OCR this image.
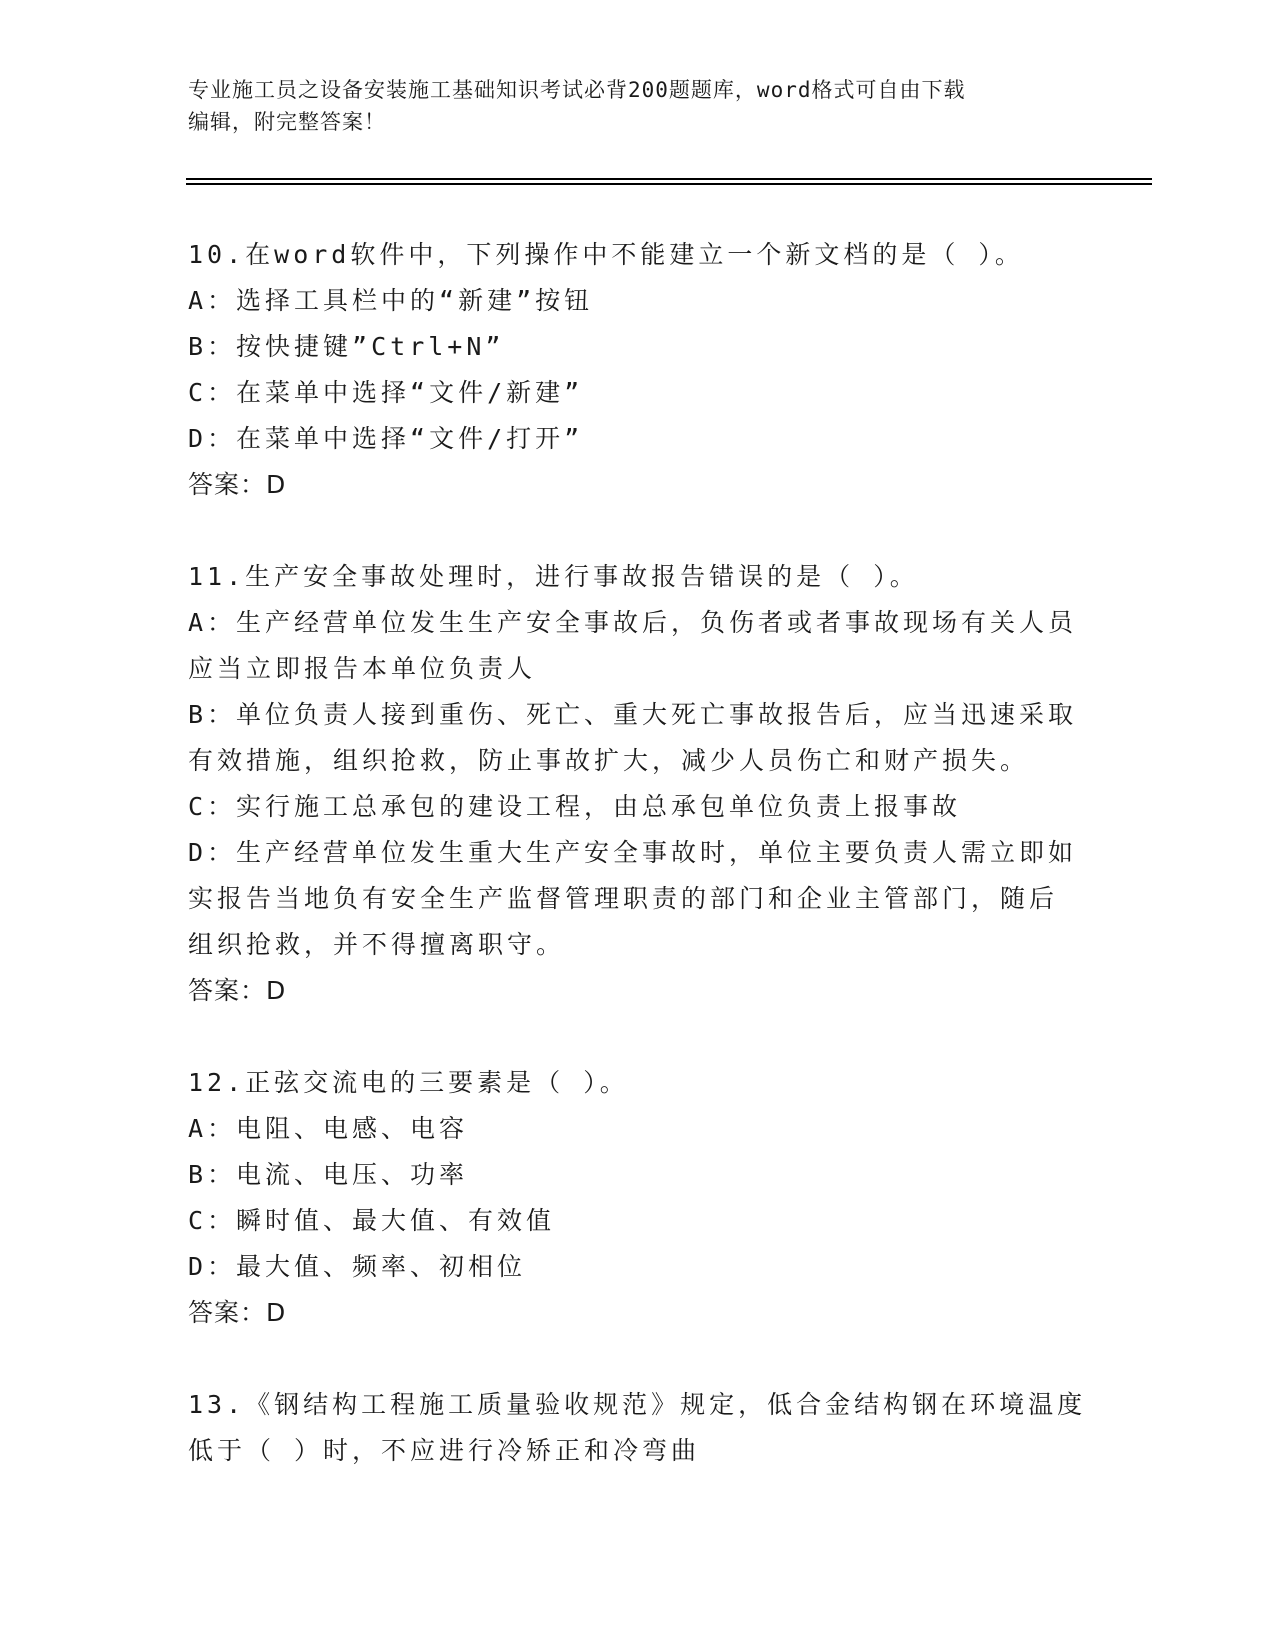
专业施工员之设备安装施工基础知识考试必背200题题库，word格式可自由下载
编辑，附完整答案！
10.在word软件中，下列操作中不能建立一个新文档的是（ ）。
A：选择工具栏中的“新建”按钮
B：按快捷键”Ctrl+N”
C：在菜单中选择“文件/新建”
D：在菜单中选择“文件/打开”
答案：D
11.生产安全事故处理时，进行事故报告错误的是（ ）。
A：生产经营单位发生生产安全事故后，负伤者或者事故现场有关人员
应当立即报告本单位负责人
B：单位负责人接到重伤、死亡、重大死亡事故报告后，应当迅速采取
有效措施，组织抢救，防止事故扩大，减少人员伤亡和财产损失。
C：实行施工总承包的建设工程，由总承包单位负责上报事故
D：生产经营单位发生重大生产安全事故时，单位主要负责人需立即如
实报告当地负有安全生产监督管理职责的部门和企业主管部门，随后
组织抢救，并不得擅离职守。
答案：D
12.正弦交流电的三要素是（ ）。
A：电阻、电感、电容
B：电流、电压、功率
C：瞬时值、最大值、有效值
D：最大值、频率、初相位
答案：D
13.《钢结构工程施工质量验收规范》规定，低合金结构钢在环境温度
低于（ ）时，不应进行冷矫正和冷弯曲
